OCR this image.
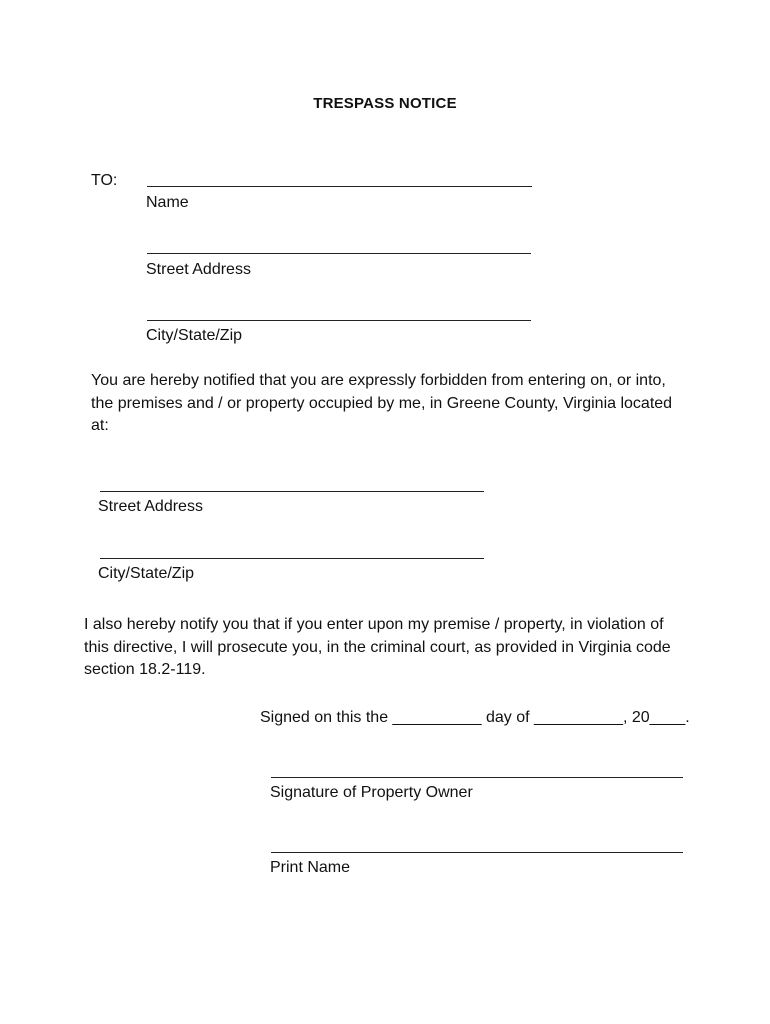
TRESPASS NOTICE
TO:
Name
Street Address
City/State/Zip
You are hereby notified that you are expressly forbidden from entering on, or into, the premises and / or property occupied by me, in Greene County, Virginia located at:
Street Address
City/State/Zip
I also hereby notify you that if you enter upon my premise / property, in violation of this directive, I will prosecute you, in the criminal court, as provided in Virginia code section 18.2-119.
Signed on this the __________ day of __________, 20____.
Signature of Property Owner
Print Name
